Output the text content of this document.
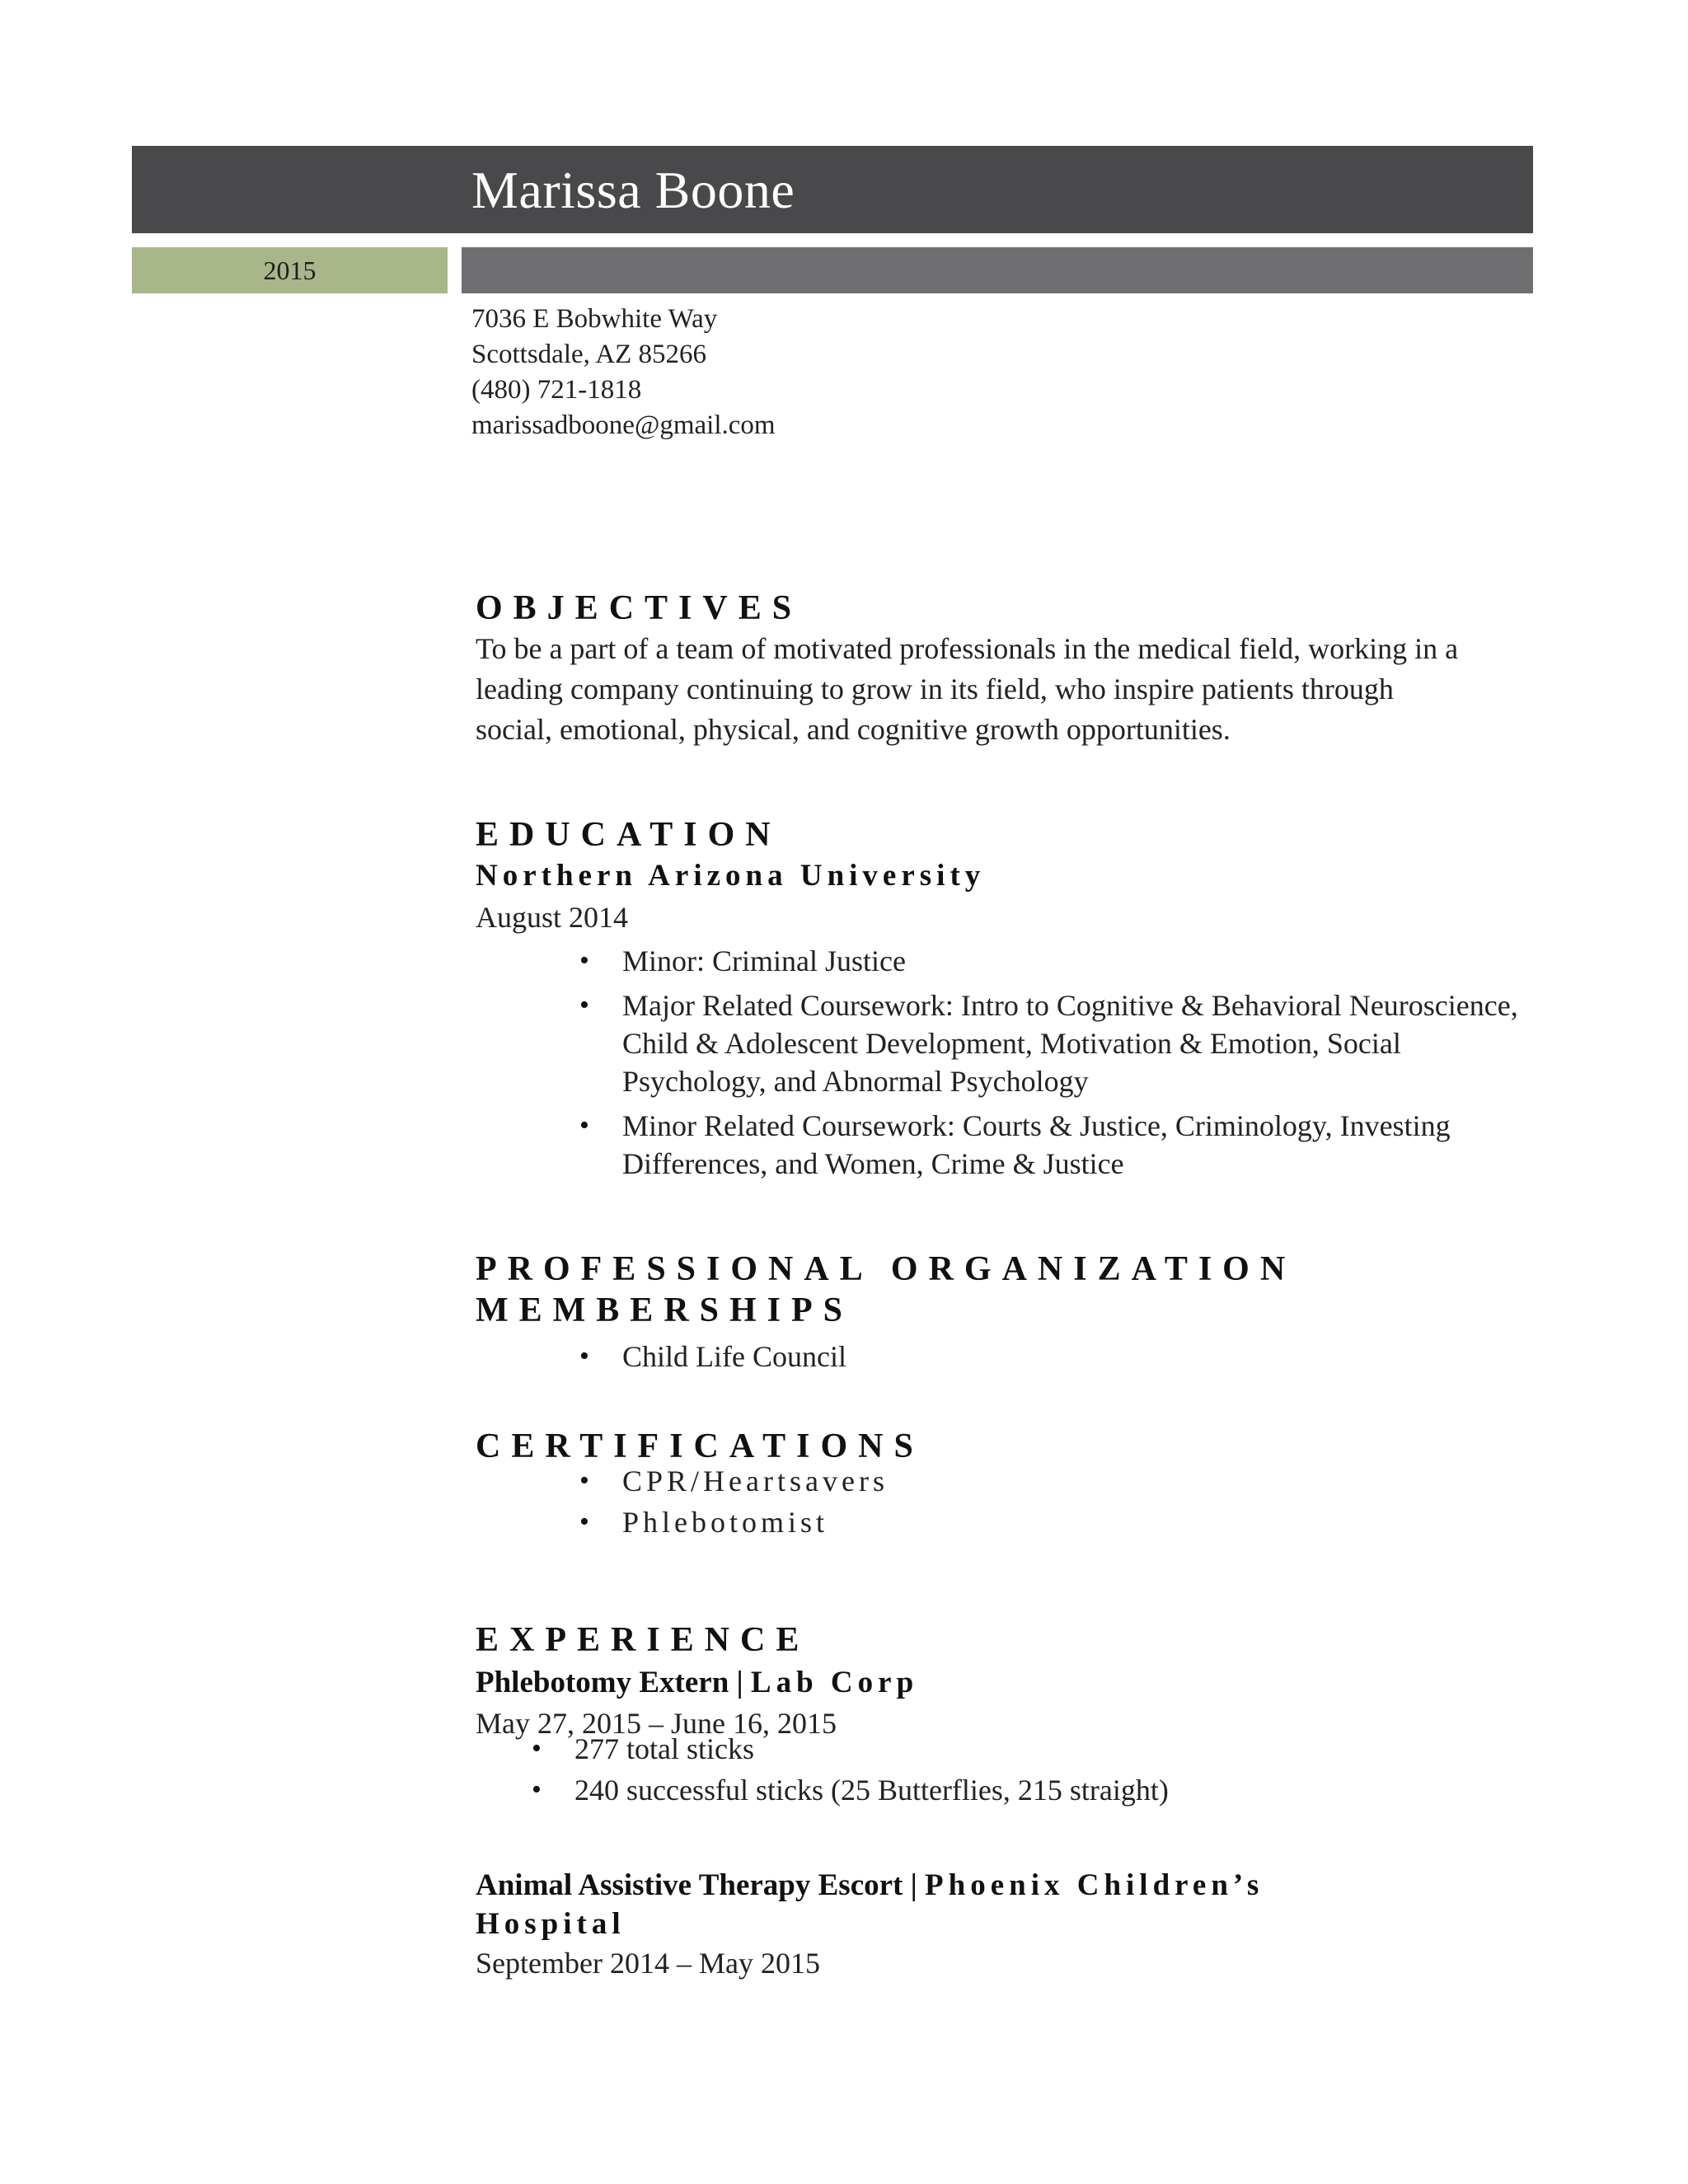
Marissa Boone
2015
7036 E Bobwhite Way
Scottsdale, AZ 85266
(480) 721-1818
marissadboone@gmail.com
OBJECTIVES
To be a part of a team of motivated professionals in the medical field, working in a
leading company continuing to grow in its field, who inspire patients through
social, emotional, physical, and cognitive growth opportunities.
EDUCATION
Northern Arizona University
August 2014
• Minor: Criminal Justice
• Major Related Coursework: Intro to Cognitive & Behavioral Neuroscience, Child & Adolescent Development, Motivation & Emotion, Social Psychology, and Abnormal Psychology
• Minor Related Coursework: Courts & Justice, Criminology, Investing Differences, and Women, Crime & Justice
PROFESSIONAL ORGANIZATION
MEMBERSHIPS
• Child Life Council
CERTIFICATIONS
• CPR/Heartsavers
• Phlebotomist
EXPERIENCE
Phlebotomy Extern | Lab Corp
May 27, 2015 – June 16, 2015
• 277 total sticks
• 240 successful sticks (25 Butterflies, 215 straight)
Animal Assistive Therapy Escort | Phoenix Children’s
Hospital
September 2014 – May 2015
